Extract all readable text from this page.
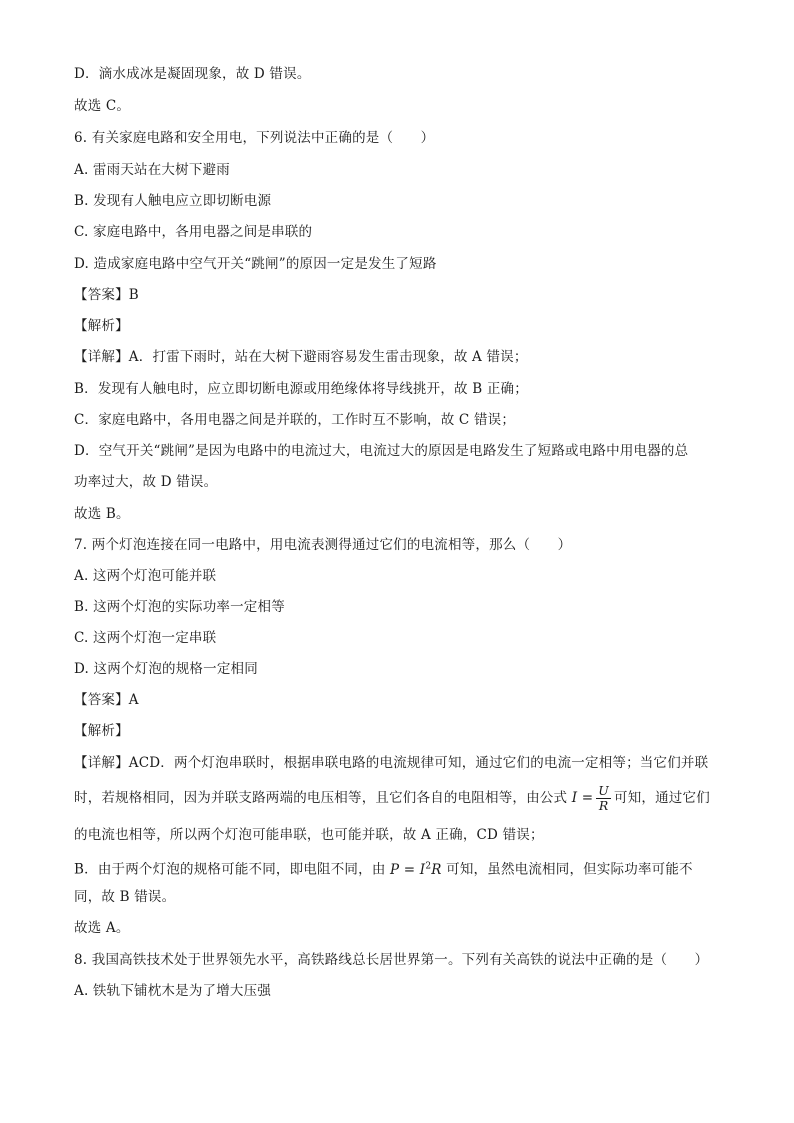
D．滴水成冰是凝固现象，故 D 错误。
故选 C。
6. 有关家庭电路和安全用电，下列说法中正确的是（　　）
A. 雷雨天站在大树下避雨
B. 发现有人触电应立即切断电源
C. 家庭电路中，各用电器之间是串联的
D. 造成家庭电路中空气开关“跳闸”的原因一定是发生了短路
【答案】B
【解析】
【详解】A．打雷下雨时，站在大树下避雨容易发生雷击现象，故 A 错误；
B．发现有人触电时，应立即切断电源或用绝缘体将导线挑开，故 B 正确；
C．家庭电路中，各用电器之间是并联的，工作时互不影响，故 C 错误；
D．空气开关“跳闸”是因为电路中的电流过大，电流过大的原因是电路发生了短路或电路中用电器的总
功率过大，故 D 错误。
故选 B。
7. 两个灯泡连接在同一电路中，用电流表测得通过它们的电流相等，那么（　　）
A. 这两个灯泡可能并联
B. 这两个灯泡的实际功率一定相等
C. 这两个灯泡一定串联
D. 这两个灯泡的规格一定相同
【答案】A
【解析】
【详解】ACD．两个灯泡串联时，根据串联电路的电流规律可知，通过它们的电流一定相等；当它们并联
时，若规格相同，因为并联支路两端的电压相等，且它们各自的电阻相等，由公式 $I = \frac{U}{R}$ 可知，通过它们
的电流也相等，所以两个灯泡可能串联，也可能并联，故 A 正确，CD 错误；
B．由于两个灯泡的规格可能不同，即电阻不同，由 $P = I^2R$ 可知，虽然电流相同，但实际功率可能不
同，故 B 错误。
故选 A。
8. 我国高铁技术处于世界领先水平，高铁路线总长居世界第一。下列有关高铁的说法中正确的是（　　）
A. 铁轨下铺枕木是为了增大压强
